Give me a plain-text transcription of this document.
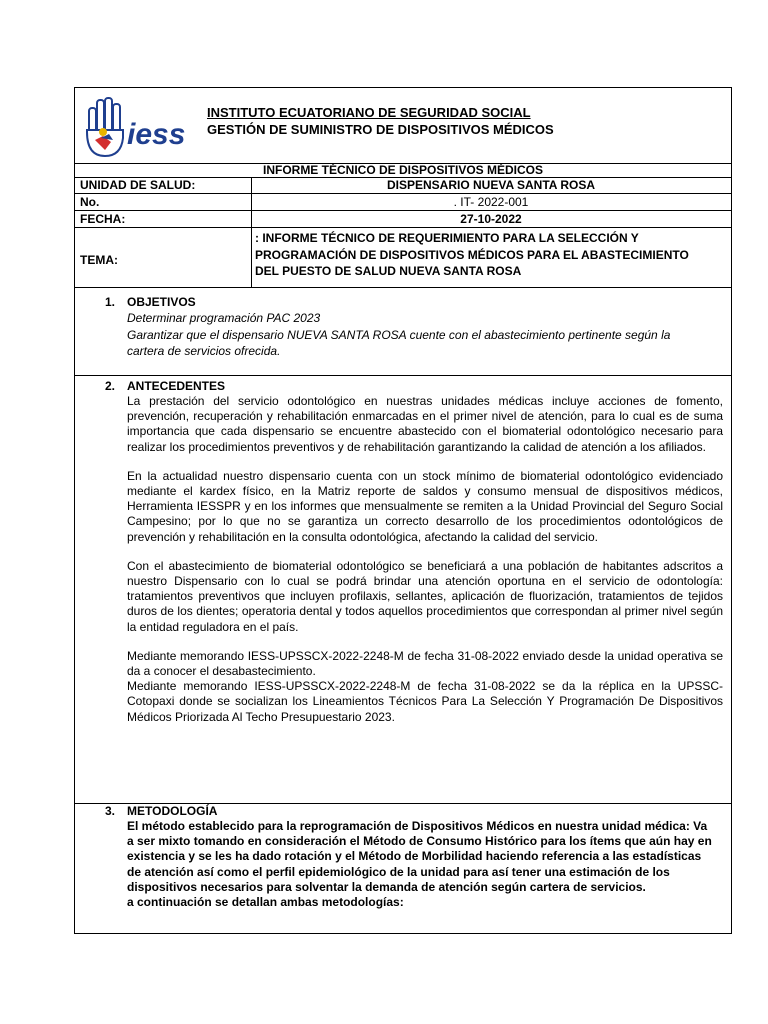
iess
INSTITUTO ECUATORIANO DE SEGURIDAD SOCIAL
GESTIÓN DE SUMINISTRO DE DISPOSITIVOS MÉDICOS
INFORME TÉCNICO DE DISPOSITIVOS MÉDICOS
UNIDAD DE SALUD:	DISPENSARIO NUEVA SANTA ROSA
No.	. IT- 2022-001
FECHA:	27-10-2022
TEMA:
: INFORME TÉCNICO DE REQUERIMIENTO PARA LA SELECCIÓN Y
PROGRAMACIÓN DE DISPOSITIVOS MÉDICOS PARA EL ABASTECIMIENTO
DEL PUESTO DE SALUD NUEVA SANTA ROSA
1. OBJETIVOS

Determinar programación PAC 2023

Garantizar que el dispensario NUEVA SANTA ROSA cuente con el abastecimiento pertinente según la cartera de servicios ofrecida.

2. ANTECEDENTES

La prestación del servicio odontológico en nuestras unidades médicas incluye acciones de fomento, prevención, recuperación y rehabilitación enmarcadas en el primer nivel de atención, para lo cual es de suma importancia que cada dispensario se encuentre abastecido con el biomaterial odontológico necesario para realizar los procedimientos preventivos y de rehabilitación garantizando la calidad de atención a los afiliados.

En la actualidad nuestro dispensario cuenta con un stock mínimo de biomaterial odontológico evidenciado mediante el kardex físico, en la Matriz reporte de saldos y consumo mensual de dispositivos médicos, Herramienta IESSPR y en los informes que mensualmente se remiten a la Unidad Provincial del Seguro Social Campesino; por lo que no se garantiza un correcto desarrollo de los procedimientos odontológicos de prevención y rehabilitación en la consulta odontológica, afectando la calidad del servicio.

Con el abastecimiento de biomaterial odontológico se beneficiará a una población de habitantes adscritos a nuestro Dispensario con lo cual se podrá brindar una atención oportuna en el servicio de odontología: tratamientos preventivos que incluyen profilaxis, sellantes, aplicación de fluorización, tratamientos de tejidos duros de los dientes; operatoria dental y todos aquellos procedimientos que correspondan al primer nivel según la entidad reguladora en el país.

Mediante memorando IESS-UPSSCX-2022-2248-M de fecha 31-08-2022 enviado desde la unidad operativa se da a conocer el desabastecimiento.

Mediante memorando IESS-UPSSCX-2022-2248-M de fecha 31-08-2022 se da la réplica en la UPSSC-Cotopaxi donde se socializan los Lineamientos Técnicos Para La Selección Y Programación De Dispositivos Médicos Priorizada Al Techo Presupuestario 2023.

3. METODOLOGÍA

El método establecido para la reprogramación de Dispositivos Médicos en nuestra unidad médica: Va a ser mixto tomando en consideración el Método de Consumo Histórico para los ítems que aún hay en existencia y se les ha dado rotación y el Método de Morbilidad haciendo referencia a las estadísticas de atención así como el perfil epidemiológico de la unidad para así tener una estimación de los dispositivos necesarios para solventar la demanda de atención según cartera de servicios.

a continuación se detallan ambas metodologías:
